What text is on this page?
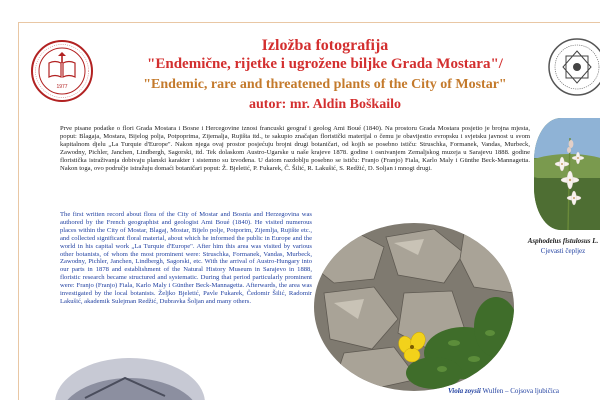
1977
Izložba fotografija
"Endemične, rijetke i ugrožene biljke Grada Mostara"/
"Endemic, rare and threatened plants of the City of Mostar"
autor: mr. Aldin Boškailo
Prve pisane podatke o flori Grada Mostara i Bosne i Hercegovine iznosi francuski geograf i geolog Ami Boué (1840). Na prostoru Grada Mostara posjetio je brojna mjesta, poput: Blagaja, Mostara, Bijelog polja, Potpoprima, Zijemalja, Rujišta itd., te sakupio značajan floristički materijal o čemu je obavijestio evropsku i svjetsku javnost u svom kapitalnom djelu „La Turquie d'Europe". Nakon njega ovaj prostor posjećuju brojni drugi botaničari, od kojih se posebno ističu: Struschka, Formanek, Vandas, Murbeck, Zawodny, Pichler, Janchen, Lindbergh, Sagorski, itd. Tek dolaskom Austro-Ugarske u naše krajeve 1878. godine i osnivanjem Zemaljskog muzeja u Sarajevu 1888. godine floristička istraživanja dobivaju planski karakter i sistemno su izvođena. U datom razdoblju posebno se ističu: Franjo (Franjo) Fiala, Karlo Maly i Günthe Beck-Mannagetta. Nakon toga, ovo područje istražuju domaći botaničari poput: Ž. Bjeletić, P. Fukarek, Č. Šilić, R. Lakušić, S. Redžić, D. Soljan i mnogi drugi.
The first written record about flora of the City of Mostar and Bosnia and Herzegovina was authored by the French geographist and geologist Ami Boué (1840). He visited numerous places within the City of Mostar, Blagaj, Mostar, Bijelo polje, Potporim, Zijemlja, Rujište etc., and collected significant floral material, about which he informed the public in Europe and the world in his capital work „La Turquie d'Europe". After him this area was visited by various other botanists, of whom the most prominent were: Struschka, Formanek, Vandas, Murbeck, Zawodny, Pichler, Janchen, Lindbergh, Sagorski, etc. With the arrival of Austro-Hungary into our parts in 1878 and establishment of the Natural History Museum in Sarajevo in 1888, floristic research became structured and systematic. During that period particularly prominent were: Franjo (Franjo) Fiala, Karlo Maly i Günther Beck-Mannagetta. Afterwards, the area was investigated by the local botanists. Željko Bjeletić, Pavle Fukarek, Čedomir Šilić, Radomir Lakušić, akademik Sulejman Redžić, Dubravka Šoljan and many others.
Asphodelus fistulosus L.
Cjevasti čepljez
Viola zoysii Wulfen – Cojsova ljubičica
